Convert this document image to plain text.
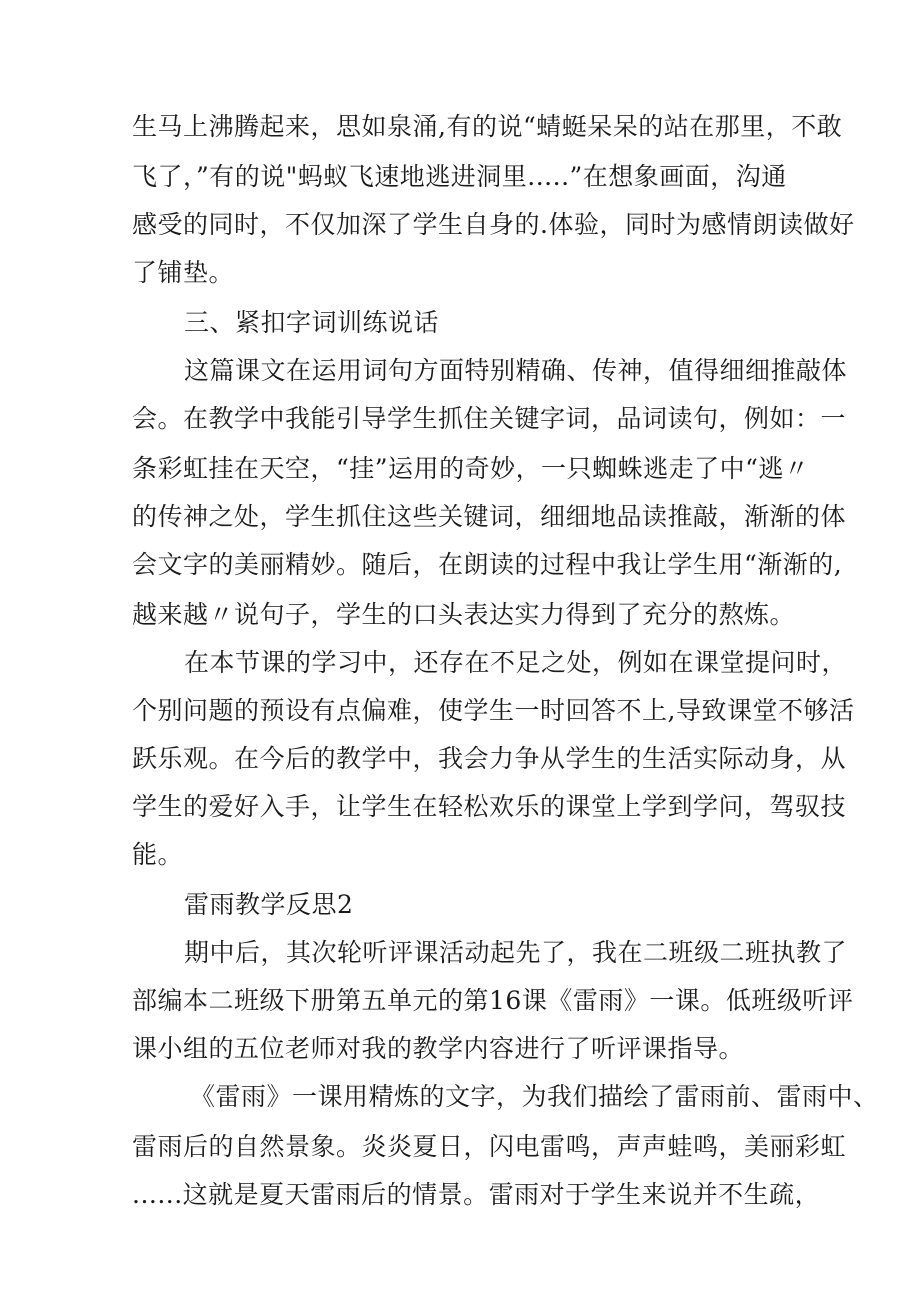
生马上沸腾起来，思如泉涌,有的说“蜻蜓呆呆的站在那里，不敢
飞了，”有的说"蚂蚁飞速地逃进洞里.....”在想象画面，沟通
感受的同时，不仅加深了学生自身的.体验，同时为感情朗读做好
了铺垫。
三、紧扣字词训练说话
这篇课文在运用词句方面特别精确、传神，值得细细推敲体
会。在教学中我能引导学生抓住关键字词，品词读句，例如：一
条彩虹挂在天空，“挂”运用的奇妙，一只蜘蛛逃走了中“逃〃
的传神之处，学生抓住这些关键词，细细地品读推敲，渐渐的体
会文字的美丽精妙。随后，在朗读的过程中我让学生用“渐渐的,
越来越〃说句子，学生的口头表达实力得到了充分的熬炼。
在本节课的学习中，还存在不足之处，例如在课堂提问时，
个别问题的预设有点偏难，使学生一时回答不上,导致课堂不够活
跃乐观。在今后的教学中，我会力争从学生的生活实际动身，从
学生的爱好入手，让学生在轻松欢乐的课堂上学到学问，驾驭技
能。
雷雨教学反思2
期中后，其次轮听评课活动起先了，我在二班级二班执教了
部编本二班级下册第五单元的第16课《雷雨》一课。低班级听评
课小组的五位老师对我的教学内容进行了听评课指导。
《雷雨》一课用精炼的文字，为我们描绘了雷雨前、雷雨中、
雷雨后的自然景象。炎炎夏日，闪电雷鸣，声声蛙鸣，美丽彩虹
......这就是夏天雷雨后的情景。雷雨对于学生来说并不生疏，
